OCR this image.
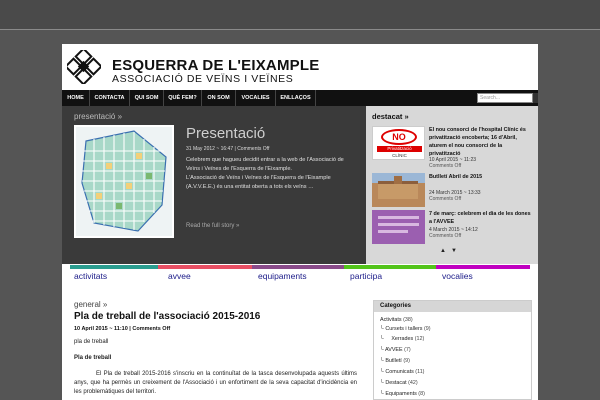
ESQUERRA DE L'EIXAMPLE
ASSOCIACIÓ DE VEÏNS I VEÏNES
HOME	CONTACTA	QUI SOM	QUÈ FEM?	ON SOM	VOCALIES	ENLLAÇOS	Search...
presentació »
Presentació
31 May 2012 ~ 16:47 | Comments Off

Celebrem que hagueu decidit entrar a la web de l'Associació de Veïns i Veïnes de l'Esquerra de l'Eixample.

L'Associació de Veïns i Veïnes de l'Esquerra de l'Eixample (A.V.V.E.E.) és una entitat oberta a tots els veïns …

Read the full story »
destacat »
NO
Privatització
CLÍNIC
El nou consorci de l'hospital Clínic és privatització encoberta; 16 d'Abril, aturem el nou consorci de la privatització
10 April 2015 ~ 11:23
Comments Off
Butlletí Abril de 2015
24 March 2015 ~ 13:33
Comments Off
7 de març: celebrem el dia de les dones a l'AVVEE
4 March 2015 ~ 14:12
Comments Off
▲▼
activitats	avvee	equipaments	participa	vocalies
general »
Pla de treball de l'associació 2015-2016
10 April 2015 ~ 11:10 | Comments Off
pla de treball
Pla de treball
El Pla de treball 2015-2016 s'inscriu en la continuïtat de la tasca desenvolupada aquests últims anys, que ha permès un creixement de l'Associació i un enfortiment de la seva capacitat d'incidència en les problemàtiques del territori.
Categories
Activitats (38)
└ Cursets i tallers (9)
└     Xerrades (12)
└ AVVEE (7)
└ Butlletí (9)
└ Comunicats (11)
└ Destacat (42)
└ Equipaments (8)
